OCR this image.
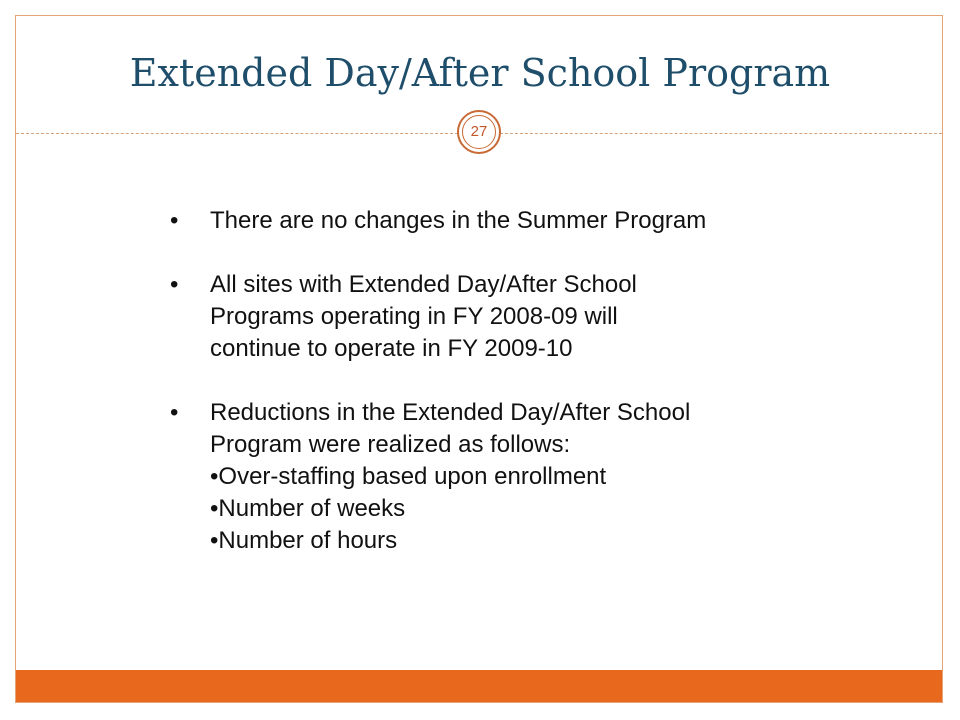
Extended Day/After School Program
27
• There are no changes in the Summer Program
• All sites with Extended Day/After School
Programs operating in FY 2008-09 will
continue to operate in FY 2009-10
• Reductions in the Extended Day/After School
Program were realized as follows:
•Over-staffing based upon enrollment
•Number of weeks
•Number of hours
